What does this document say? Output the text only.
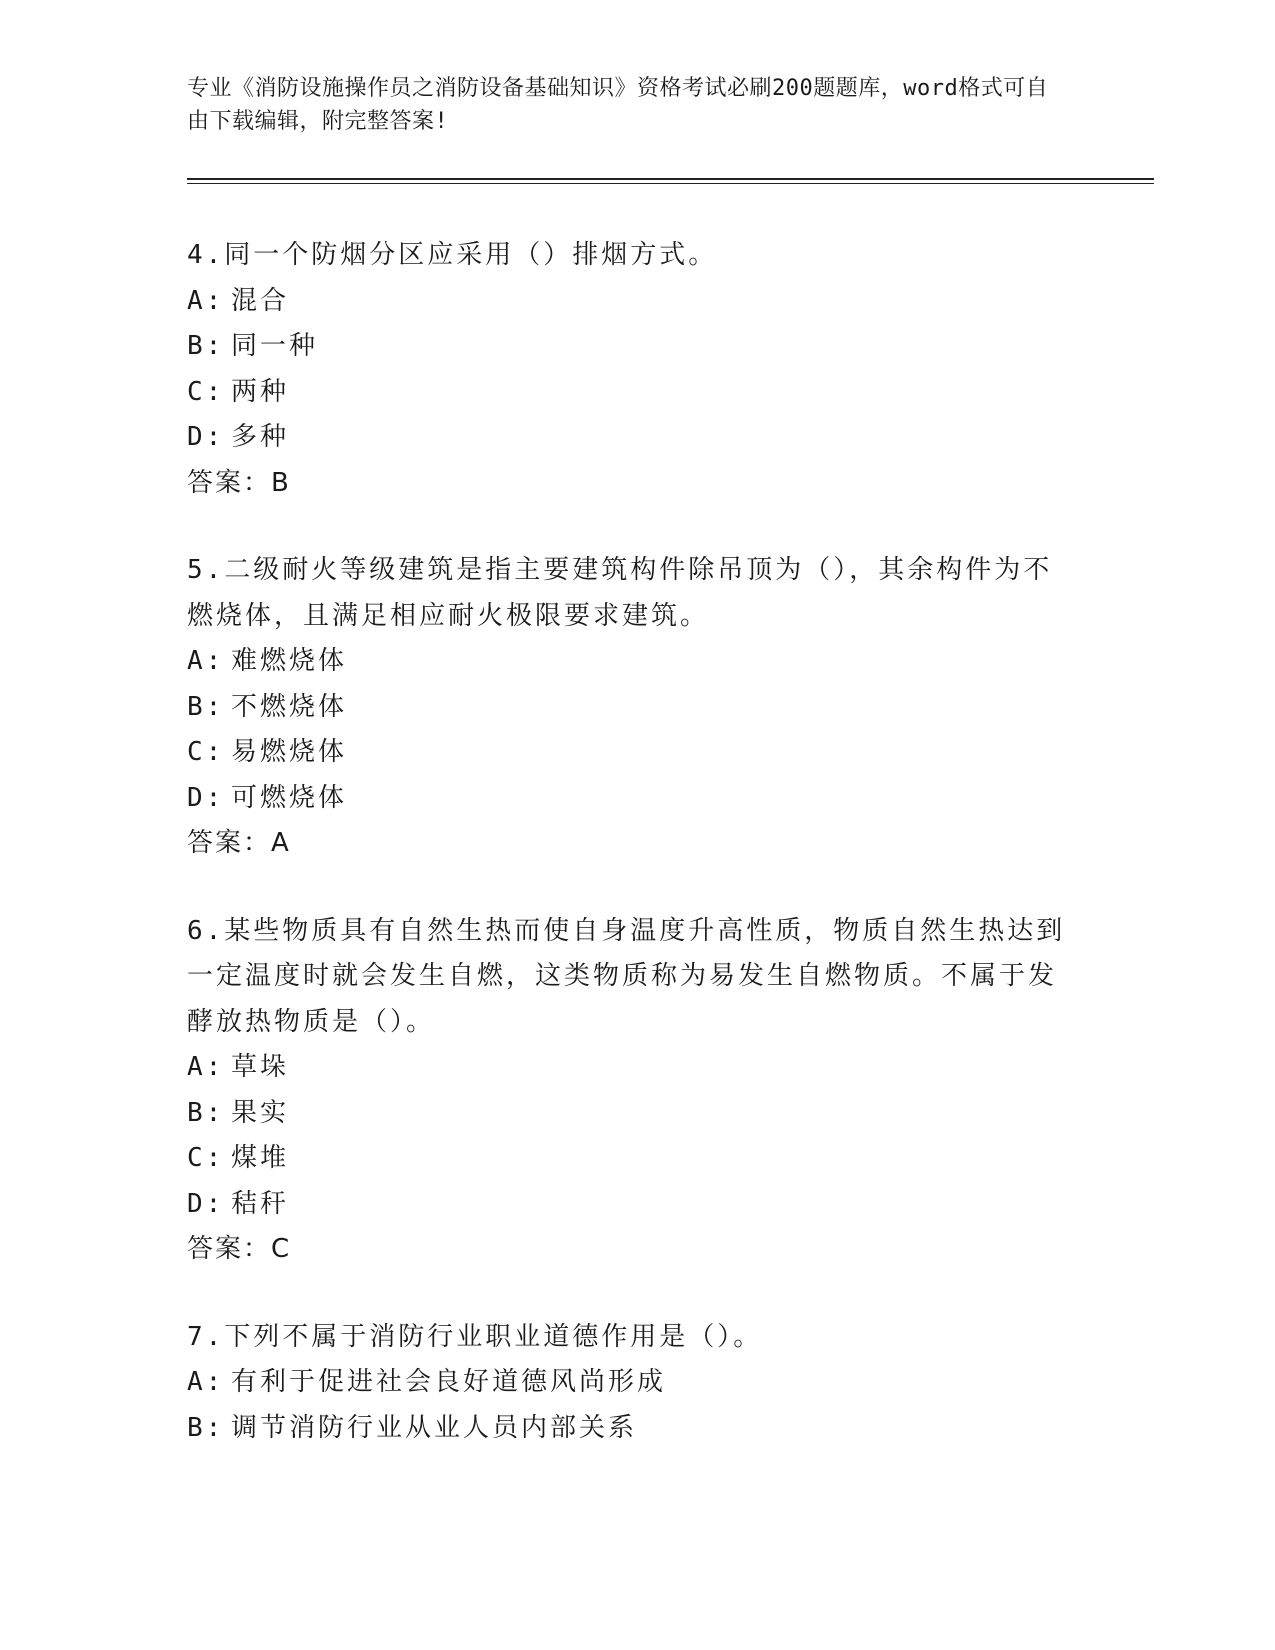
专业《消防设施操作员之消防设备基础知识》资格考试必刷200题题库，word格式可自由下载编辑，附完整答案!
4.同一个防烟分区应采用（）排烟方式。
A: 混合
B: 同一种
C: 两种
D: 多种
答案：B
5.二级耐火等级建筑是指主要建筑构件除吊顶为（），其余构件为不燃烧体，且满足相应耐火极限要求建筑。
A: 难燃烧体
B: 不燃烧体
C: 易燃烧体
D: 可燃烧体
答案：A
6.某些物质具有自然生热而使自身温度升高性质，物质自然生热达到一定温度时就会发生自燃，这类物质称为易发生自燃物质。不属于发酵放热物质是（）。
A: 草垛
B: 果实
C: 煤堆
D: 秸秆
答案：C
7.下列不属于消防行业职业道德作用是（）。
A: 有利于促进社会良好道德风尚形成
B: 调节消防行业从业人员内部关系
